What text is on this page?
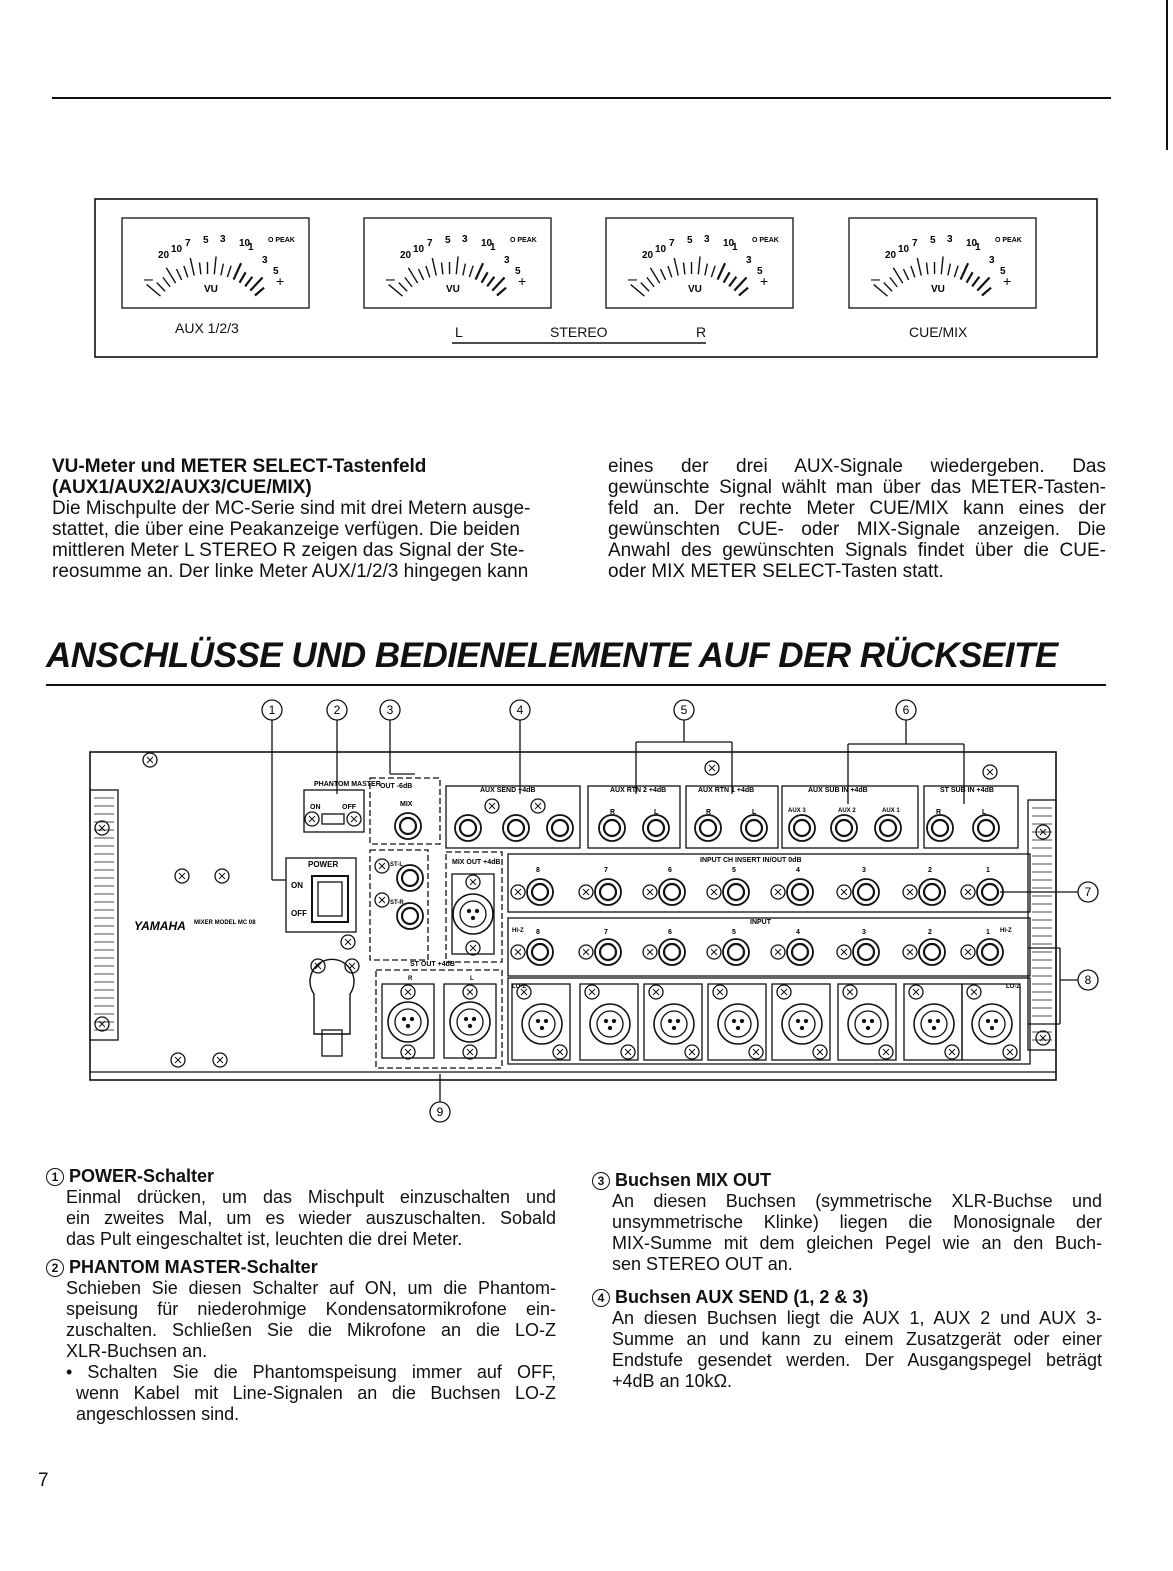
20
10
7 5 3 10
1
O PEAK
3
5
VU
–	+
20
10
7 5 3 10
1
O PEAK
3
5
VU
–	+
20
10
7 5 3 10
1
O PEAK
3
5
VU
–	+
20
10
7 5 3 10
1
O PEAK
3
5
VU
–	+
AUX 1/2/3	L	STEREO	R	CUE/MIX
VU-Meter und METER SELECT-Tastenfeld
(AUX1/AUX2/AUX3/CUE/MIX)
Die Mischpulte der MC-Serie sind mit drei Metern ausge-
stattet, die über eine Peakanzeige verfügen. Die beiden
mittleren Meter L STEREO R zeigen das Signal der Ste-
reosumme an. Der linke Meter AUX/1/2/3 hingegen kann
eines der drei AUX-Signale wiedergeben. Das
gewünschte Signal wählt man über das METER-Tasten-
feld an. Der rechte Meter CUE/MIX kann eines der
gewünschten CUE- oder MIX-Signale anzeigen. Die
Anwahl des gewünschten Signals findet über die CUE-
oder MIX METER SELECT-Tasten statt.
ANSCHLÜSSE UND BEDIENELEMENTE AUF DER RÜCKSEITE
1	2	3	4	5	6
7
8
9
PHANTOM MASTER
ON	OFF
POWER
ON
OFF
YAMAHA MIXER MODEL MC 08
OUT -6dB
MIX
ST-L
ST-R
MIX OUT +4dB
AUX SEND +4dB	AUX RTN 2 +4dB
R	L
AUX RTN 1 +4dB
R	L
AUX SUB IN +4dB
AUX 3	AUX 2	AUX 1
ST SUB IN +4dB
R	L
INPUT CH INSERT IN/OUT 0dB
8	7	6	5	4	3	2	1
INPUT
HI-Z	HI-Z
8	7	6	5	4	3	2	1
LO-Z	LO-Z
ST OUT +4dB
R	L
1 POWER-Schalter
Einmal drücken, um das Mischpult einzuschalten und
ein zweites Mal, um es wieder auszuschalten. Sobald
das Pult eingeschaltet ist, leuchten die drei Meter.
2 PHANTOM MASTER-Schalter
Schieben Sie diesen Schalter auf ON, um die Phantom-
speisung für niederohmige Kondensatormikrofone ein-
zuschalten. Schließen Sie die Mikrofone an die LO-Z
XLR-Buchsen an.
• Schalten Sie die Phantomspeisung immer auf OFF,
wenn Kabel mit Line-Signalen an die Buchsen LO-Z
angeschlossen sind.
3 Buchsen MIX OUT
An diesen Buchsen (symmetrische XLR-Buchse und
unsymmetrische Klinke) liegen die Monosignale der
MIX-Summe mit dem gleichen Pegel wie an den Buch-
sen STEREO OUT an.
4 Buchsen AUX SEND (1, 2 & 3)
An diesen Buchsen liegt die AUX 1, AUX 2 und AUX 3-
Summe an und kann zu einem Zusatzgerät oder einer
Endstufe gesendet werden. Der Ausgangspegel beträgt
+4dB an 10kΩ.
7
